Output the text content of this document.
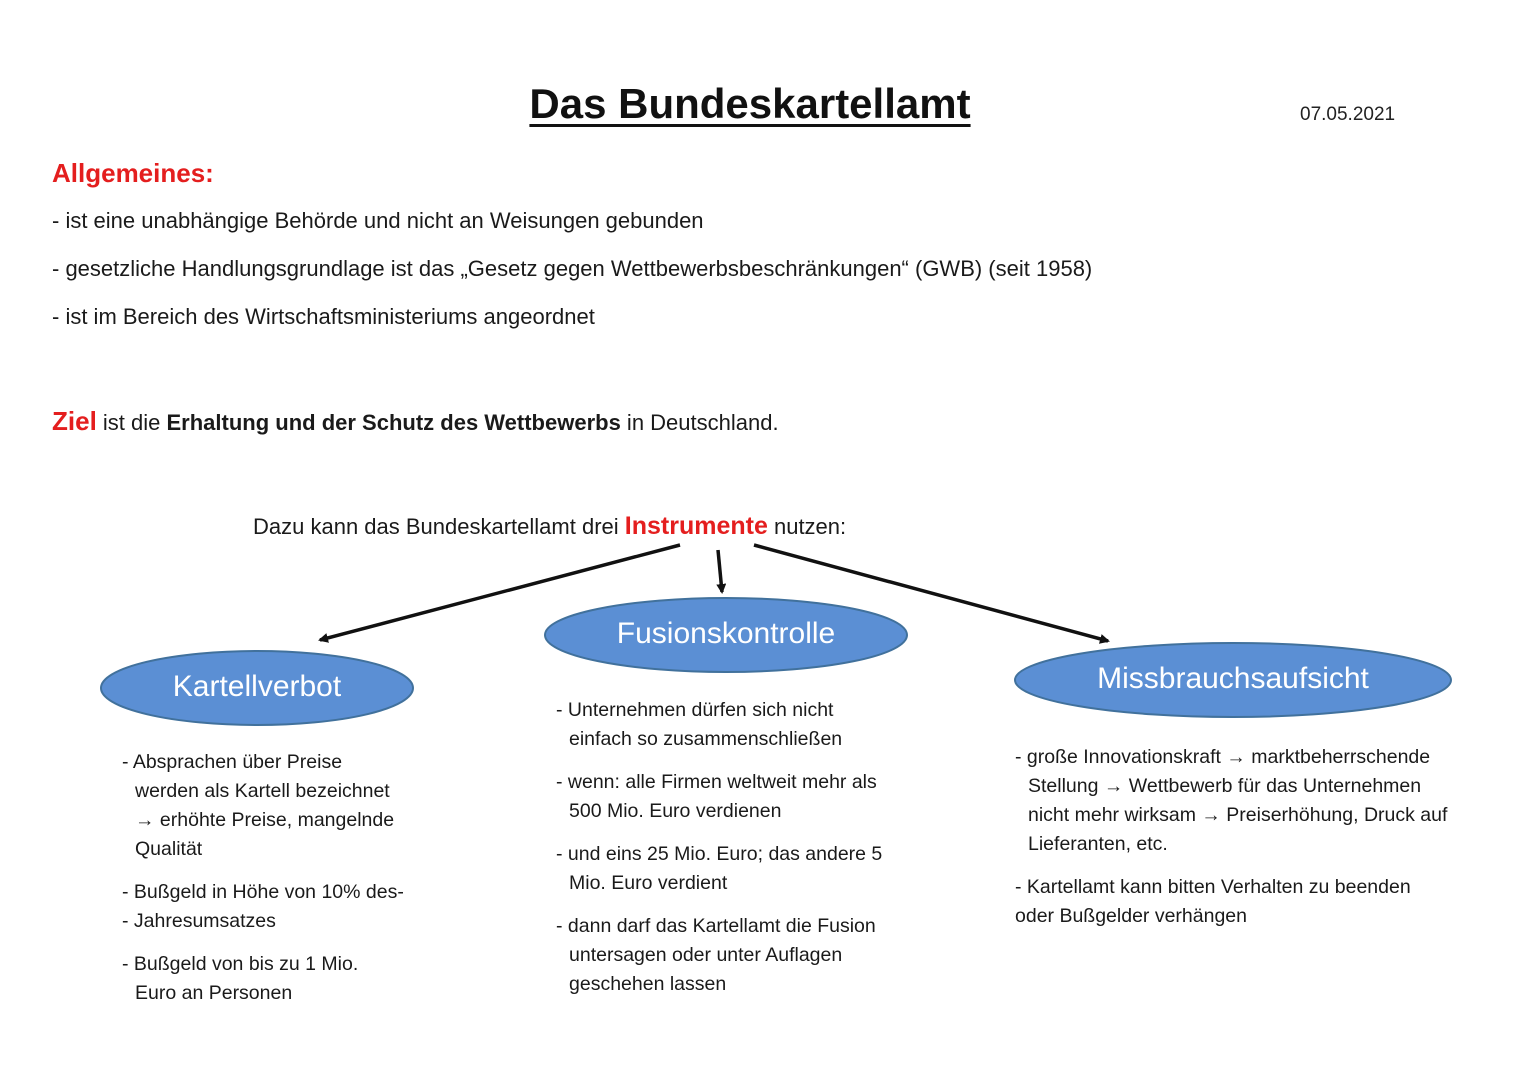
Das Bundeskartellamt	07.05.2021
Allgemeines:
- ist eine unabhängige Behörde und nicht an Weisungen gebunden
- gesetzliche Handlungsgrundlage ist das „Gesetz gegen Wettbewerbsbeschränkungen“ (GWB) (seit 1958)
- ist im Bereich des Wirtschaftsministeriums angeordnet
Ziel ist die Erhaltung und der Schutz des Wettbewerbs in Deutschland.
Dazu kann das Bundeskartellamt drei Instrumente nutzen:
Kartellverbot
Fusionskontrolle
Missbrauchsaufsicht
- Absprachen über Preise
werden als Kartell bezeichnet
→ erhöhte Preise, mangelnde
Qualität
- Bußgeld in Höhe von 10% des-
- Jahresumsatzes
- Bußgeld von bis zu 1 Mio.
Euro an Personen
- Unternehmen dürfen sich nicht
einfach so zusammenschließen
- wenn: alle Firmen weltweit mehr als
500 Mio. Euro verdienen
- und eins 25 Mio. Euro; das andere 5
Mio. Euro verdient
- dann darf das Kartellamt die Fusion
untersagen oder unter Auflagen
geschehen lassen
- große Innovationskraft → marktbeherrschende
Stellung → Wettbewerb für das Unternehmen
nicht mehr wirksam → Preiserhöhung, Druck auf
Lieferanten, etc.
- Kartellamt kann bitten Verhalten zu beenden
oder Bußgelder verhängen
